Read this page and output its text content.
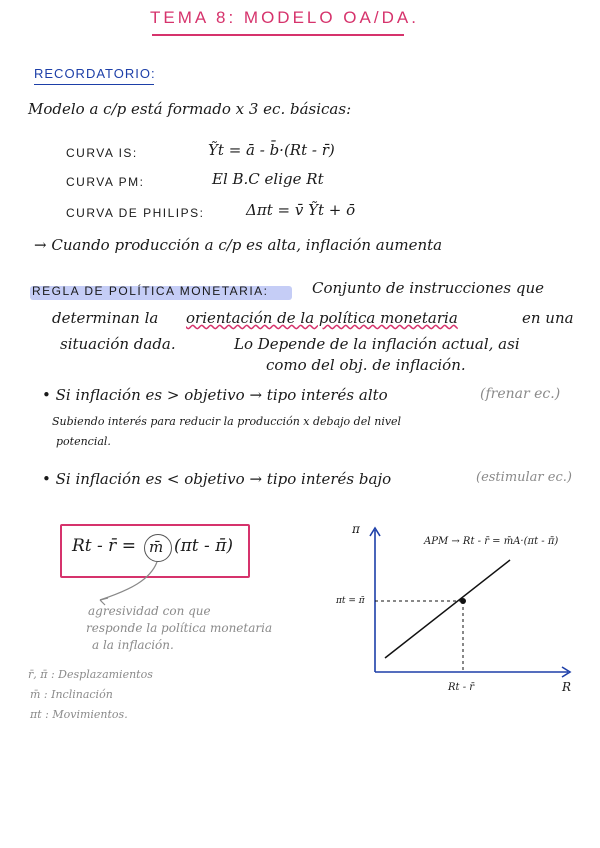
TEMA 8: MODELO OA/DA.
RECORDATORIO:
Modelo a c/p está formado x 3 ec. básicas:
CURVA IS:	Ỹt = ā - b̄·(Rt - r̄)
CURVA PM:	El B.C elige Rt
CURVA DE PHILIPS:	Δπt = v̄ Ỹt + ō
→ Cuando producción a c/p es alta, inflación aumenta
REGLA DE POLÍTICA MONETARIA:	Conjunto de instrucciones que
determinan la orientación de la política monetaria	en una
situación dada.	Lo Depende de la inflación actual, asi
como del obj. de inflación.
• Si inflación es > objetivo → tipo interés alto	(frenar ec.)
Subiendo interés para reducir la producción x debajo del nivel
potencial.
• Si inflación es < objetivo → tipo interés bajo	(estimular ec.)
Rt - r̄ = m̄ (πt - π̄)
agresividad con que
responde la política monetaria
a la inflación.
r̄, π̄ : Desplazamientos
m̄ : Inclinación
πt : Movimientos.
π
R
APM → Rt - r̄ = m̄A·(πt - π̄)
πt = π̄
Rt - r̄
